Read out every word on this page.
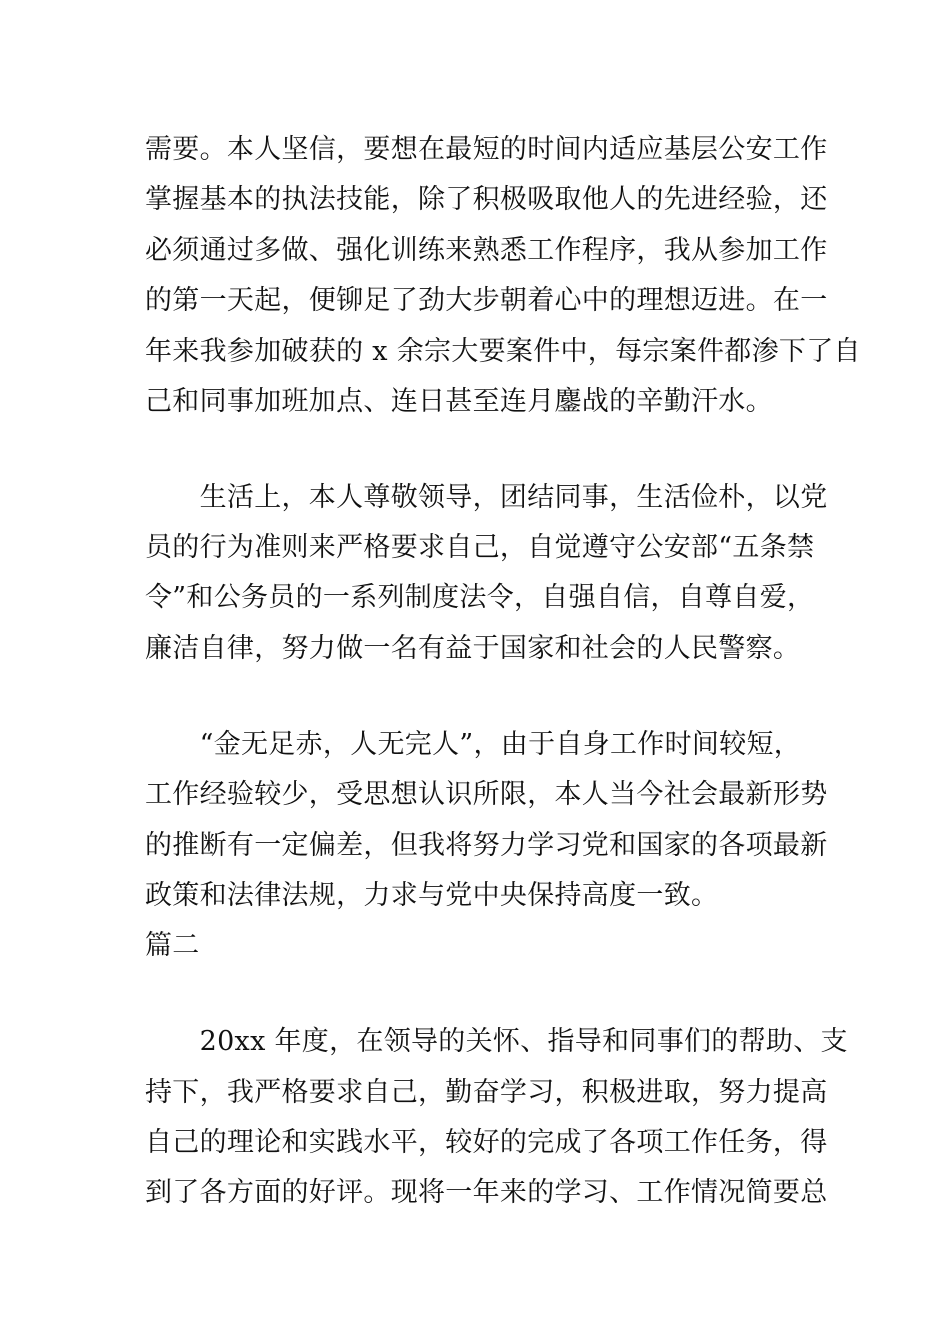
需要。本人坚信，要想在最短的时间内适应基层公安工作
掌握基本的执法技能，除了积极吸取他人的先进经验，还
必须通过多做、强化训练来熟悉工作程序，我从参加工作
的第一天起，便铆足了劲大步朝着心中的理想迈进。在一
年来我参加破获的 x 余宗大要案件中，每宗案件都渗下了自
己和同事加班加点、连日甚至连月鏖战的辛勤汗水。
　　生活上，本人尊敬领导，团结同事，生活俭朴，以党
员的行为准则来严格要求自己，自觉遵守公安部“五条禁
令”和公务员的一系列制度法令，自强自信，自尊自爱，
廉洁自律，努力做一名有益于国家和社会的人民警察。
　　“金无足赤，人无完人”，由于自身工作时间较短，
工作经验较少，受思想认识所限，本人当今社会最新形势
的推断有一定偏差，但我将努力学习党和国家的各项最新
政策和法律法规，力求与党中央保持高度一致。
篇二
　　20xx 年度，在领导的关怀、指导和同事们的帮助、支
持下，我严格要求自己，勤奋学习，积极进取，努力提高
自己的理论和实践水平，较好的完成了各项工作任务，得
到了各方面的好评。现将一年来的学习、工作情况简要总
